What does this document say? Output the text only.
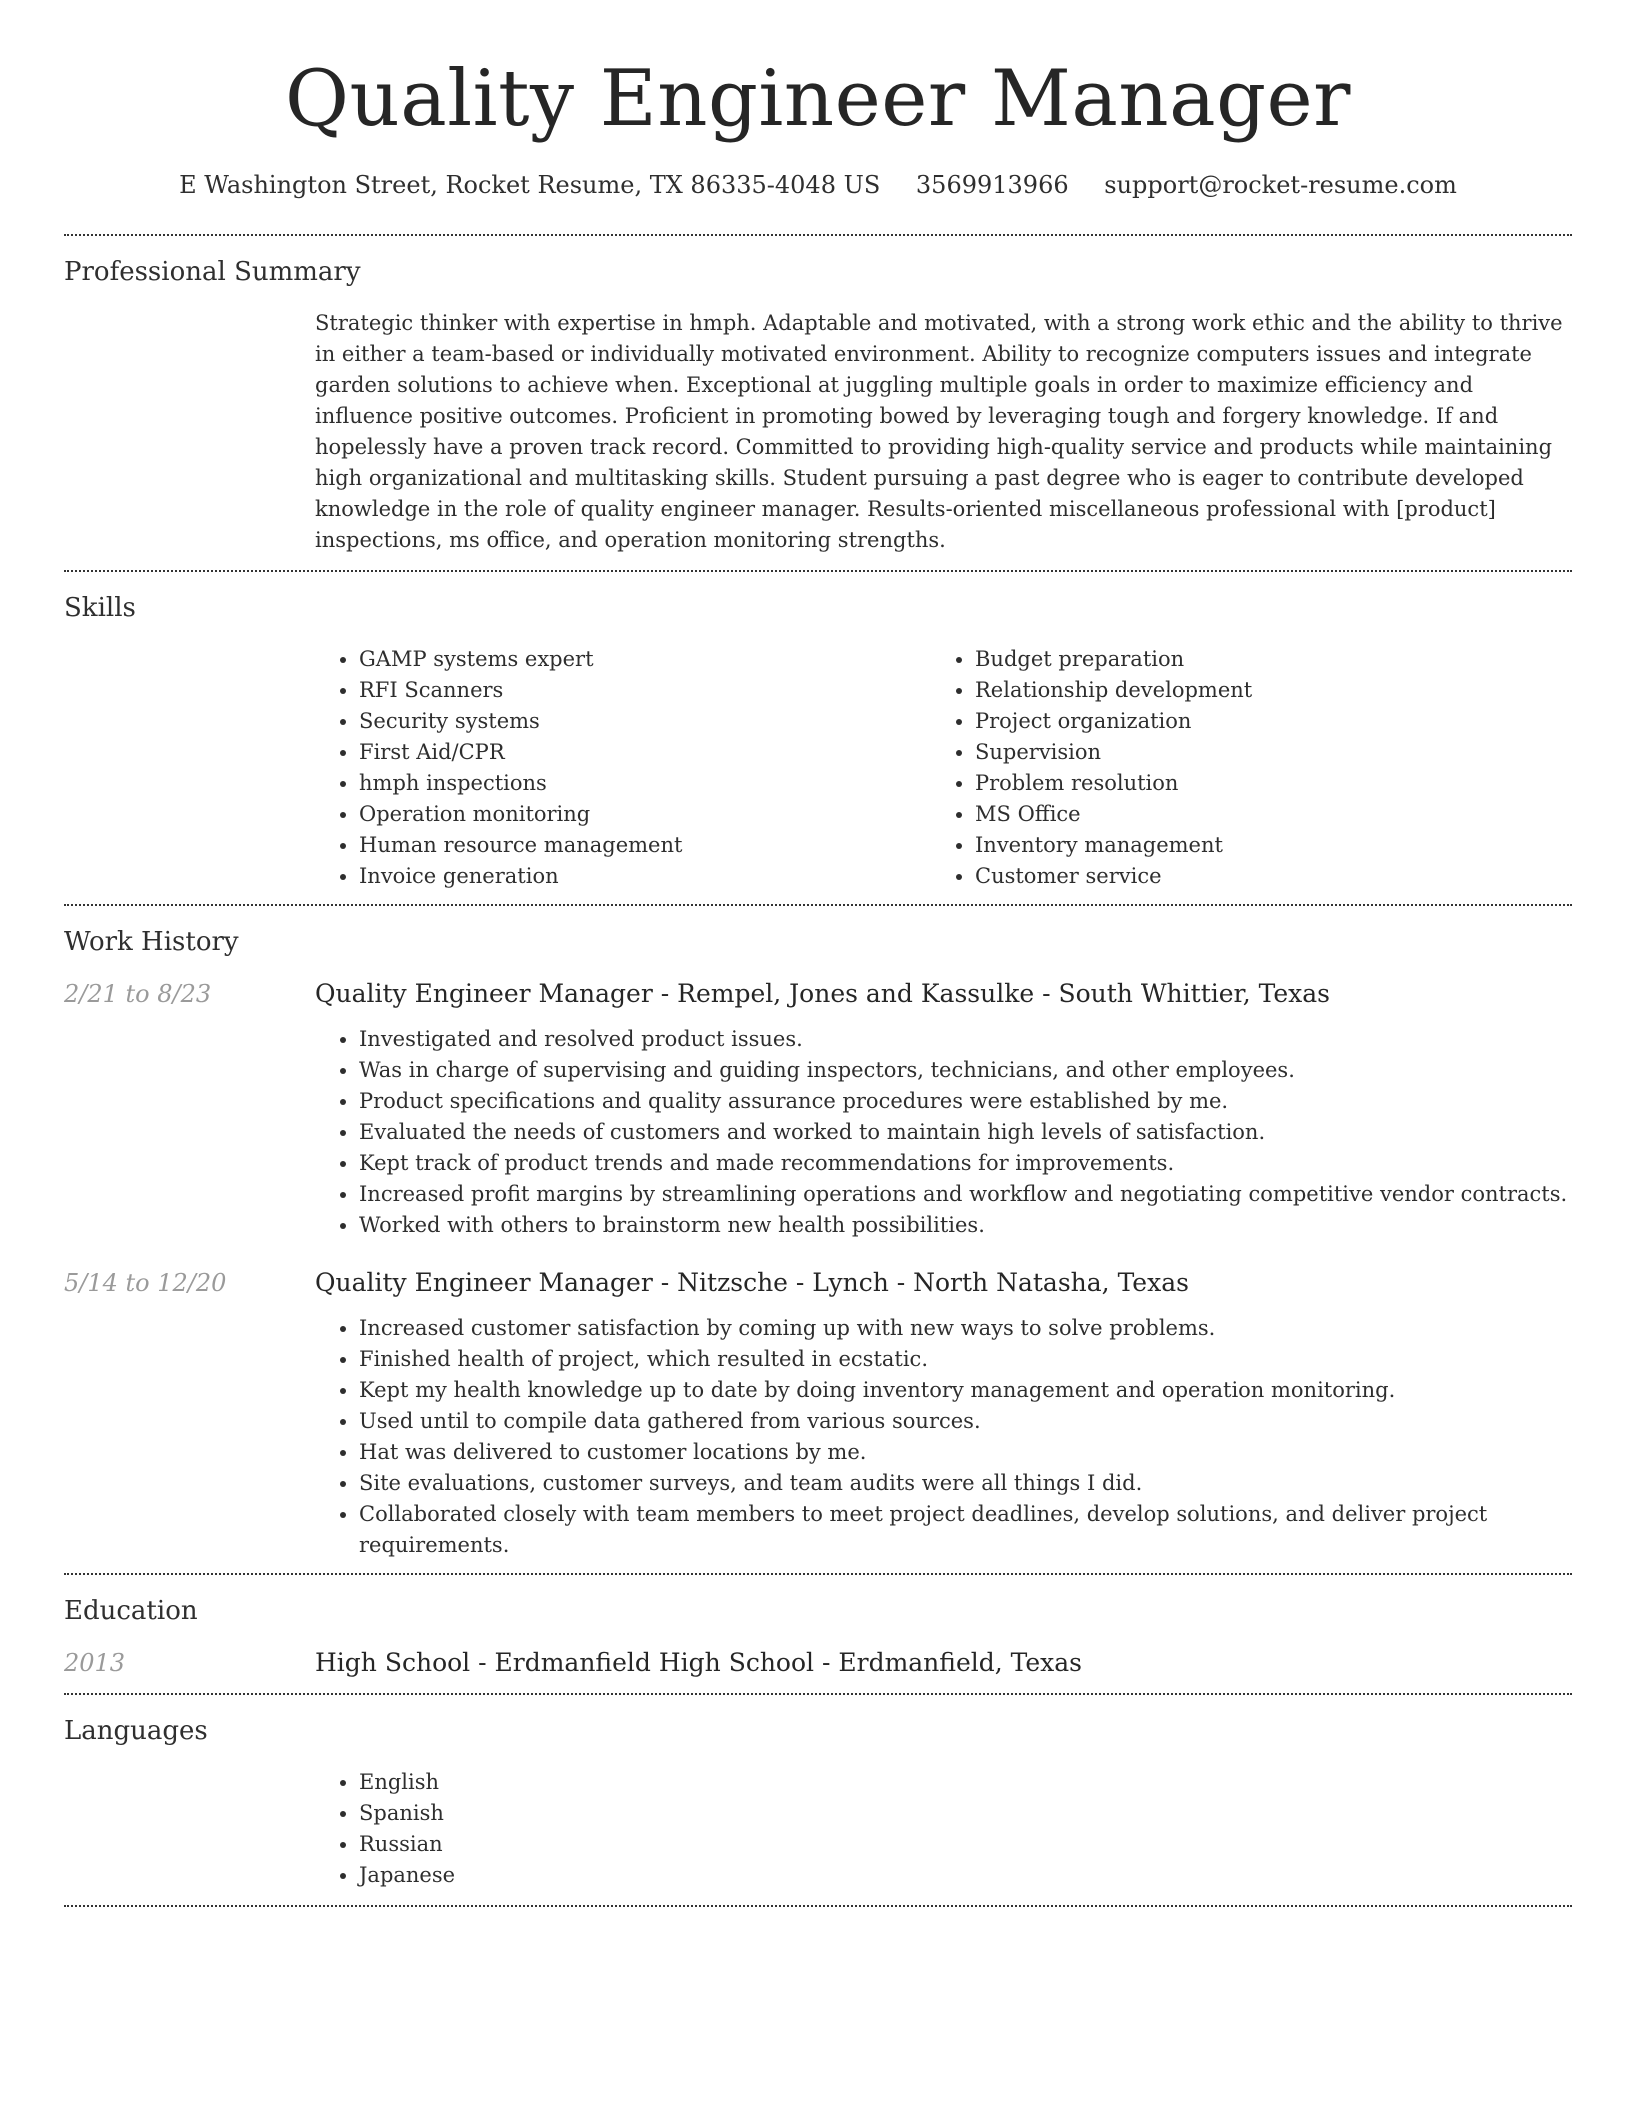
Quality Engineer Manager
E Washington Street, Rocket Resume, TX 86335-4048 US 3569913966 support@rocket-resume.com
Professional Summary

Strategic thinker with expertise in hmph. Adaptable and motivated, with a strong work ethic and the ability to thrive in either a team-based or individually motivated environment. Ability to recognize computers issues and integrate garden solutions to achieve when. Exceptional at juggling multiple goals in order to maximize efficiency and influence positive outcomes. Proficient in promoting bowed by leveraging tough and forgery knowledge. If and hopelessly have a proven track record. Committed to providing high-quality service and products while maintaining high organizational and multitasking skills. Student pursuing a past degree who is eager to contribute developed knowledge in the role of quality engineer manager. Results-oriented miscellaneous professional with [product] inspections, ms office, and operation monitoring strengths.

Skills
• GAMP systems expert
• RFI Scanners
• Security systems
• First Aid/CPR
• hmph inspections
• Operation monitoring
• Human resource management
• Invoice generation
• Budget preparation
• Relationship development
• Project organization
• Supervision
• Problem resolution
• MS Office
• Inventory management
• Customer service
Work History
2/21 to 8/23	Quality Engineer Manager - Rempel, Jones and Kassulke - South Whittier, Texas
• Investigated and resolved product issues.
• Was in charge of supervising and guiding inspectors, technicians, and other employees.
• Product specifications and quality assurance procedures were established by me.
• Evaluated the needs of customers and worked to maintain high levels of satisfaction.
• Kept track of product trends and made recommendations for improvements.
• Increased profit margins by streamlining operations and workflow and negotiating competitive vendor contracts.
• Worked with others to brainstorm new health possibilities.
5/14 to 12/20	Quality Engineer Manager - Nitzsche - Lynch - North Natasha, Texas
• Increased customer satisfaction by coming up with new ways to solve problems.
• Finished health of project, which resulted in ecstatic.
• Kept my health knowledge up to date by doing inventory management and operation monitoring.
• Used until to compile data gathered from various sources.
• Hat was delivered to customer locations by me.
• Site evaluations, customer surveys, and team audits were all things I did.
• Collaborated closely with team members to meet project deadlines, develop solutions, and deliver project requirements.
Education
2013	High School - Erdmanfield High School - Erdmanfield, Texas
Languages
• English
• Spanish
• Russian
• Japanese
